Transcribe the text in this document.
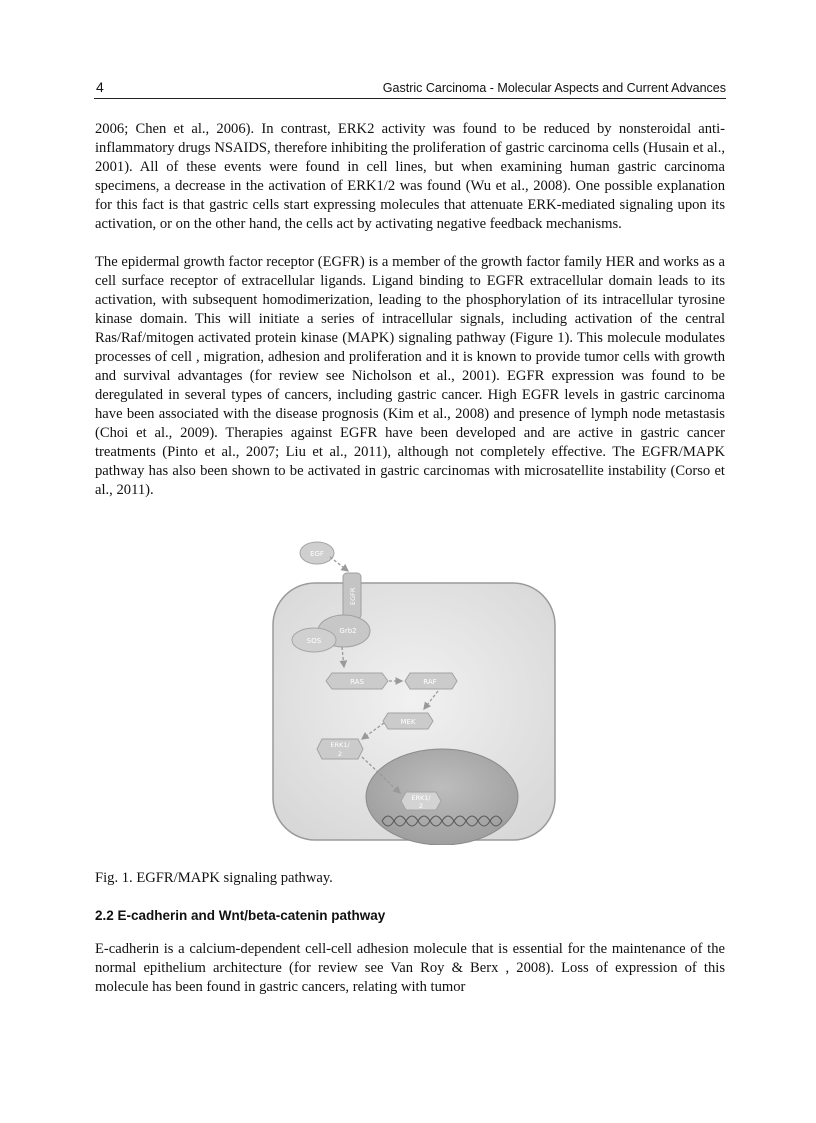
4	Gastric Carcinoma - Molecular Aspects and Current Advances

2006; Chen et al., 2006). In contrast, ERK2 activity was found to be reduced by nonsteroidal anti-inflammatory drugs NSAIDS, therefore inhibiting the proliferation of gastric carcinoma cells (Husain et al., 2001). All of these events were found in cell lines, but when examining human gastric carcinoma specimens, a decrease in the activation of ERK1/2 was found (Wu et al., 2008). One possible explanation for this fact is that gastric cells start expressing molecules that attenuate ERK-mediated signaling upon its activation, or on the other hand, the cells act by activating negative feedback mechanisms.

The epidermal growth factor receptor (EGFR) is a member of the growth factor family HER and works as a cell surface receptor of extracellular ligands. Ligand binding to EGFR extracellular domain leads to its activation, with subsequent homodimerization, leading to the phosphorylation of its intracellular tyrosine kinase domain. This will initiate a series of intracellular signals, including activation of the central Ras/Raf/mitogen activated protein kinase (MAPK) signaling pathway (Figure 1). This molecule modulates processes of cell , migration, adhesion and proliferation and it is known to provide tumor cells with growth and survival advantages (for review see Nicholson et al., 2001). EGFR expression was found to be deregulated in several types of cancers, including gastric cancer. High EGFR levels in gastric carcinoma have been associated with the disease prognosis (Kim et al., 2008) and presence of lymph node metastasis (Choi et al., 2009). Therapies against EGFR have been developed and are active in gastric cancer treatments (Pinto et al., 2007; Liu et al., 2011), although not completely effective. The EGFR/MAPK pathway has also been shown to be activated in gastric carcinomas with microsatellite instability (Corso et al., 2011).

EGF
EGFR
Grb2
SOS
RAS	RAF
MEK
ERK1/
2
ERK1/
2
Fig. 1. EGFR/MAPK signaling pathway.
2.2 E-cadherin and Wnt/beta-catenin pathway

E-cadherin is a calcium-dependent cell-cell adhesion molecule that is essential for the maintenance of the normal epithelium architecture (for review see Van Roy & Berx , 2008). Loss of expression of this molecule has been found in gastric cancers, relating with tumor
